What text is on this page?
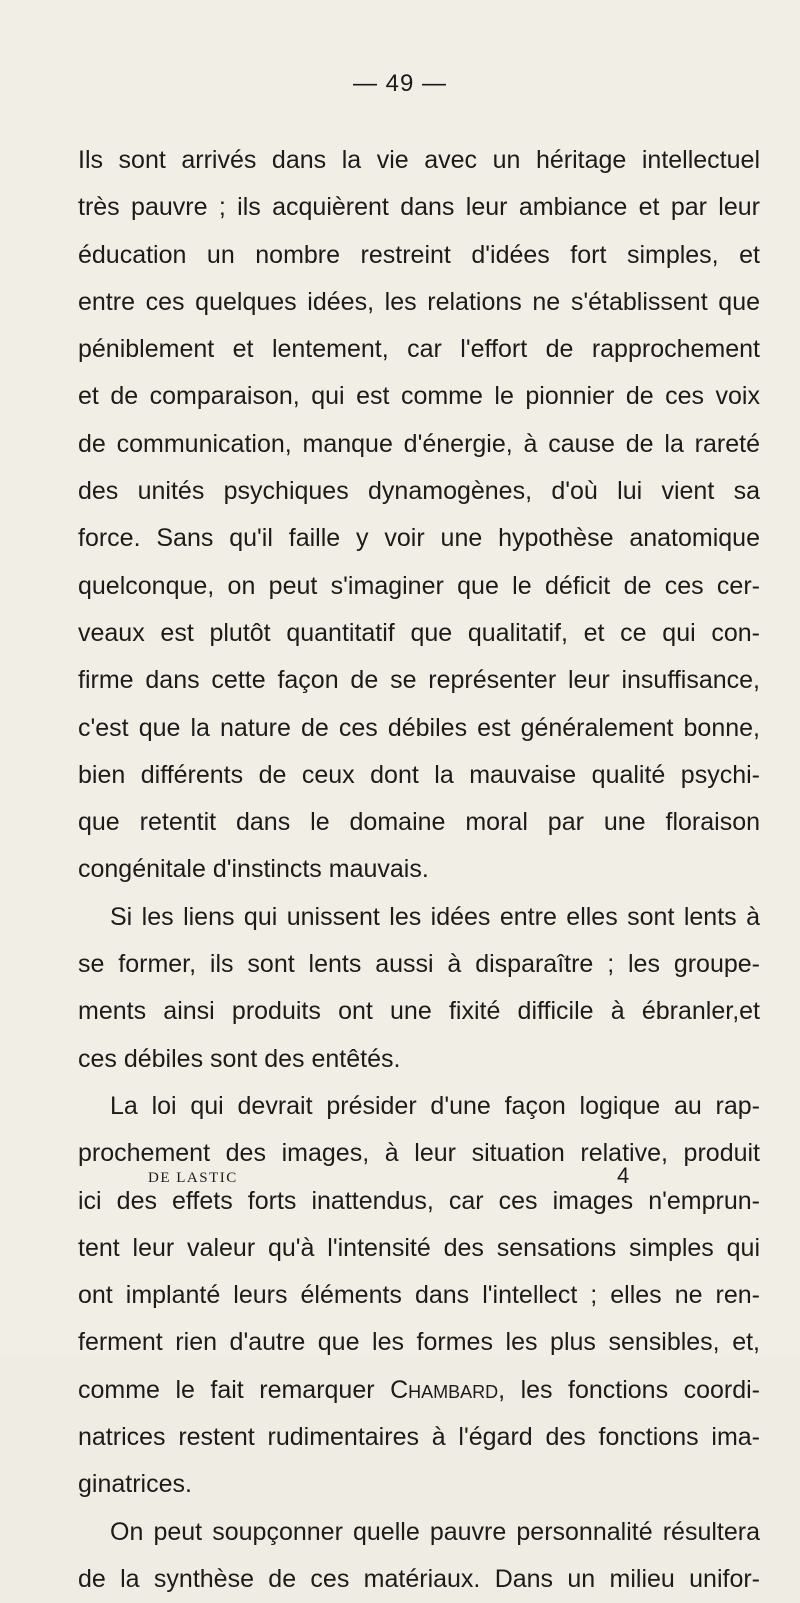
— 49 —
Ils sont arrivés dans la vie avec un héritage intellectuel
très pauvre ; ils acquièrent dans leur ambiance et par leur
éducation un nombre restreint d'idées fort simples, et
entre ces quelques idées, les relations ne s'établissent que
péniblement et lentement, car l'effort de rapprochement
et de comparaison, qui est comme le pionnier de ces voix
de communication, manque d'énergie, à cause de la rareté
des unités psychiques dynamogènes, d'où lui vient sa
force. Sans qu'il faille y voir une hypothèse anatomique
quelconque, on peut s'imaginer que le déficit de ces cer-
veaux est plutôt quantitatif que qualitatif, et ce qui con-
firme dans cette façon de se représenter leur insuffisance,
c'est que la nature de ces débiles est généralement bonne,
bien différents de ceux dont la mauvaise qualité psychi-
que retentit dans le domaine moral par une floraison
congénitale d'instincts mauvais.
Si les liens qui unissent les idées entre elles sont lents à
se former, ils sont lents aussi à disparaître ; les groupe-
ments ainsi produits ont une fixité difficile à ébranler,et
ces débiles sont des entêtés.
La loi qui devrait présider d'une façon logique au rap-
prochement des images, à leur situation relative, produit
ici des effets forts inattendus, car ces images n'emprun-
tent leur valeur qu'à l'intensité des sensations simples qui
ont implanté leurs éléments dans l'intellect ; elles ne ren-
ferment rien d'autre que les formes les plus sensibles, et,
comme le fait remarquer Chambard, les fonctions coordi-
natrices restent rudimentaires à l'égard des fonctions ima-
ginatrices.
On peut soupçonner quelle pauvre personnalité résultera
de la synthèse de ces matériaux. Dans un milieu unifor-
DE LASTIC	4
